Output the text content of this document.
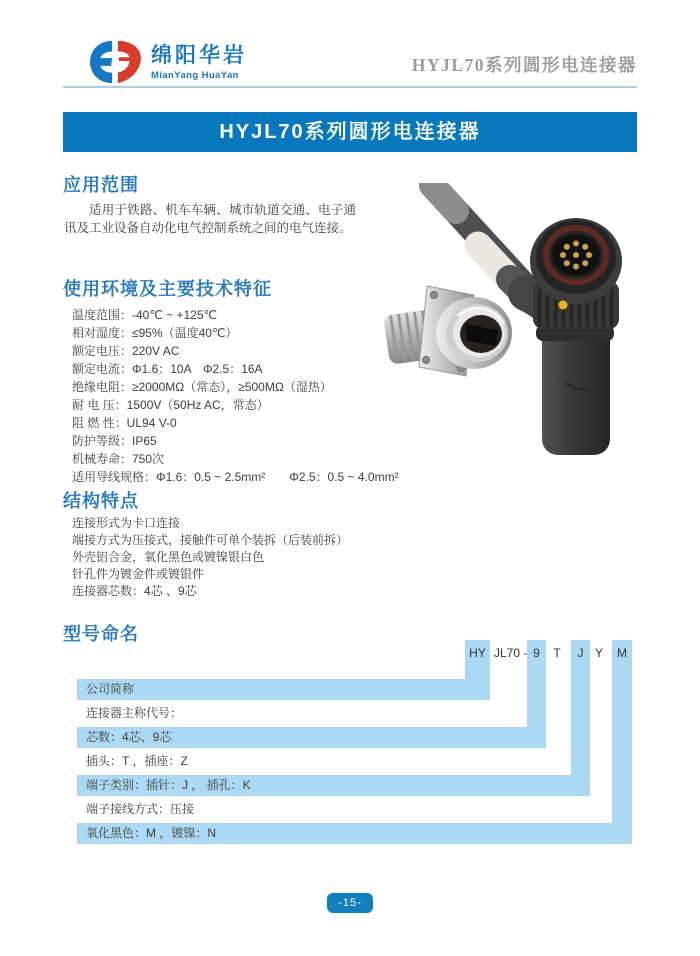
绵阳华岩
MianYang HuaYan	HYJL70系列圆形电连接器
HYJL70系列圆形电连接器
应用范围
适用于铁路、机车车辆、城市轨道交通、电子通讯及工业设备自动化电气控制系统之间的电气连接。
使用环境及主要技术特征
温度范围：-40℃ ~ +125℃
相对湿度：≤95%（温度40℃）
额定电压：220V AC
额定电流：Φ1.6：10A　Φ2.5：16A
绝缘电阻：≥2000MΩ（常态），≥500MΩ（湿热）
耐 电 压：1500V（50Hz AC，常态）
阻 燃 性：UL94 V-0
防护等级：IP65
机械寿命：750次
适用导线规格：Φ1.6：0.5 ~ 2.5mm²　　Φ2.5：0.5 ~ 4.0mm²
结构特点
连接形式为卡口连接
端接方式为压接式，接触件可单个装拆（后装前拆）
外壳铝合金，氧化黑色或镀镍银白色
针孔件为镀金件或镀银件
连接器芯数：4芯 、9芯
型号命名
HY JL70 - 9	T	J Y	M
公司简称
连接器主称代号：
芯数：4芯、9芯
插头：T ，插座：Z
端子类别：插针：J ， 插孔：K
端子接线方式：压接
氧化黑色：M ，镀镍：N
-15-
